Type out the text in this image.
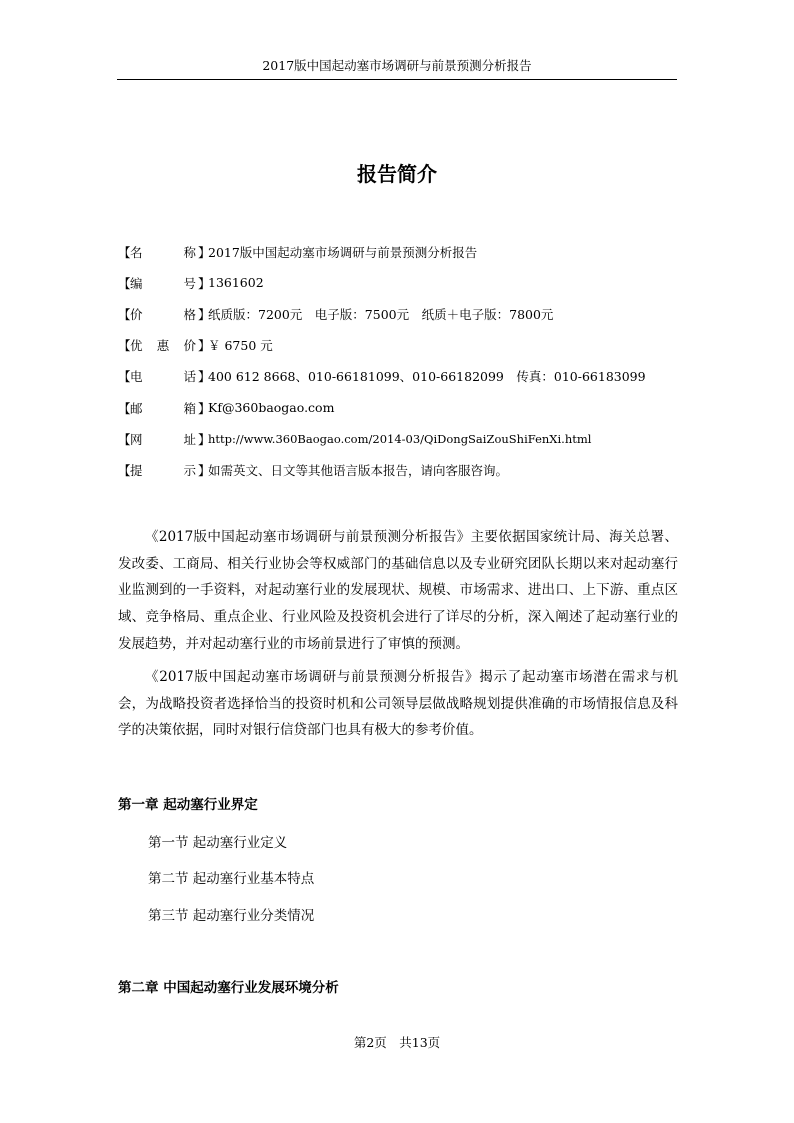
2017版中国起动塞市场调研与前景预测分析报告
报告简介
【 名	称 】
2017版中国起动塞市场调研与前景预测分析报告
【 编	号 】
1361602
【 价	格 】
纸质版：7200元　电子版：7500元　纸质＋电子版：7800元
【 优 惠 价 】
￥ 6750 元
【 电	话 】
400 612 8668、010-66181099、010-66182099　传真：010-66183099
【 邮	箱 】
Kf@360baogao.com
【 网	址 】
http://www.360Baogao.com/2014-03/QiDongSaiZouShiFenXi.html
【 提	示 】
如需英文、日文等其他语言版本报告，请向客服咨询。

《2017版中国起动塞市场调研与前景预测分析报告》主要依据国家统计局、海关总署、发改委、工商局、相关行业协会等权威部门的基础信息以及专业研究团队长期以来对起动塞行业监测到的一手资料，对起动塞行业的发展现状、规模、市场需求、进出口、上下游、重点区域、竞争格局、重点企业、行业风险及投资机会进行了详尽的分析，深入阐述了起动塞行业的发展趋势，并对起动塞行业的市场前景进行了审慎的预测。

《2017版中国起动塞市场调研与前景预测分析报告》揭示了起动塞市场潜在需求与机会，为战略投资者选择恰当的投资时机和公司领导层做战略规划提供准确的市场情报信息及科学的决策依据，同时对银行信贷部门也具有极大的参考价值。

第一章 起动塞行业界定
第一节 起动塞行业定义
第二节 起动塞行业基本特点
第三节 起动塞行业分类情况
第二章 中国起动塞行业发展环境分析
第2页　共13页
